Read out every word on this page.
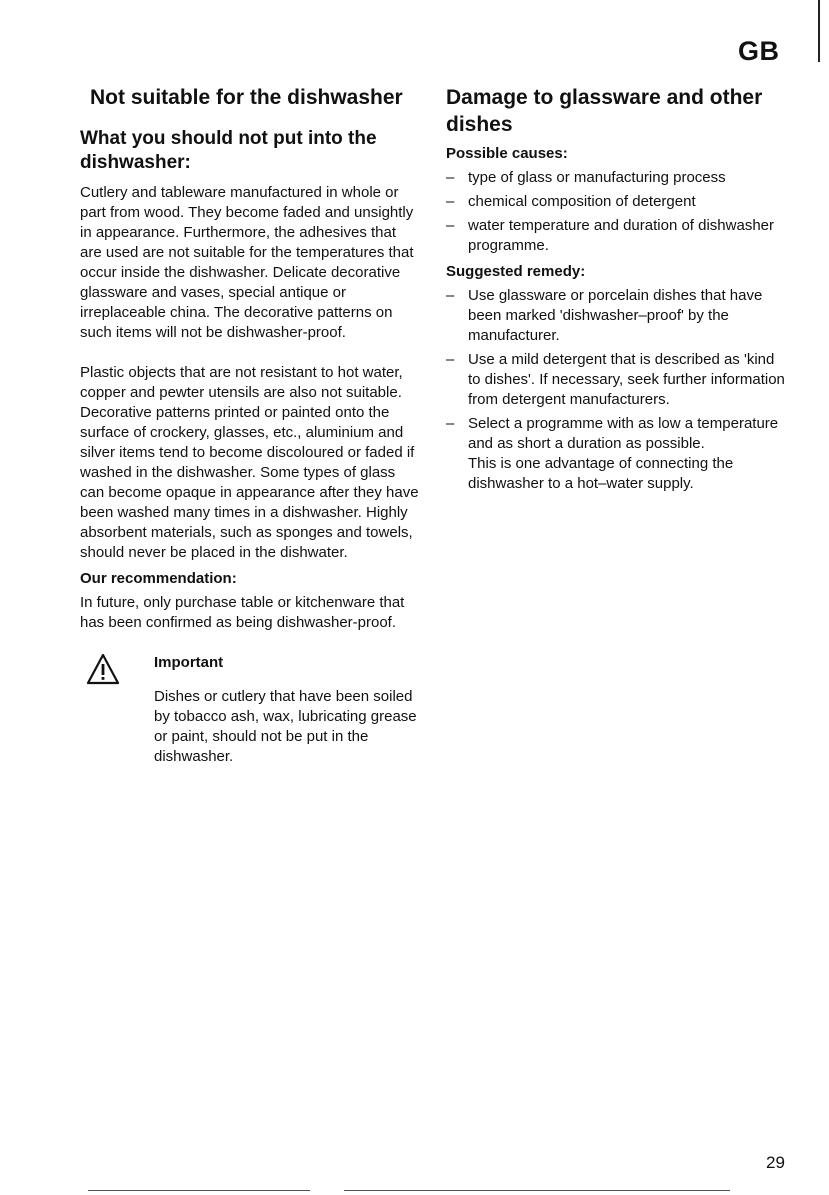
GB
Not suitable for the dishwasher
What you should not put into the dishwasher:

Cutlery and tableware manufactured in whole or part from wood. They become faded and unsightly in appearance. Furthermore, the adhesives that are used are not suitable for the temperatures that occur inside the dishwasher. Delicate decorative glassware and vases, special antique or irreplaceable china. The decorative patterns on such items will not be dishwasher-proof.

Plastic objects that are not resistant to hot water, copper and pewter utensils are also not suitable. Decorative patterns printed or painted onto the surface of crockery, glasses, etc., aluminium and silver items tend to become discoloured or faded if washed in the dishwasher. Some types of glass can become opaque in appearance after they have been washed many times in a dishwasher. Highly absorbent materials, such as sponges and towels, should never be placed in the dishwater.

Our recommendation:

In future, only purchase table or kitchenware that has been confirmed as being dishwasher-proof.

Important

Dishes or cutlery that have been soiled by tobacco ash, wax, lubricating grease or paint, should not be put in the dishwasher.

Damage to glassware and other dishes
Possible causes:
– type of glass or manufacturing process
– chemical composition of detergent
– water temperature and duration of dishwasher programme.
Suggested remedy:
– Use glassware or porcelain dishes that have been marked 'dishwasher–proof' by the manufacturer.
– Use a mild detergent that is described as 'kind to dishes'. If necessary, seek further information from detergent manufacturers.
– Select a programme with as low a temperature and as short a duration as possible.
This is one advantage of connecting the dishwasher to a hot–water supply.
29
